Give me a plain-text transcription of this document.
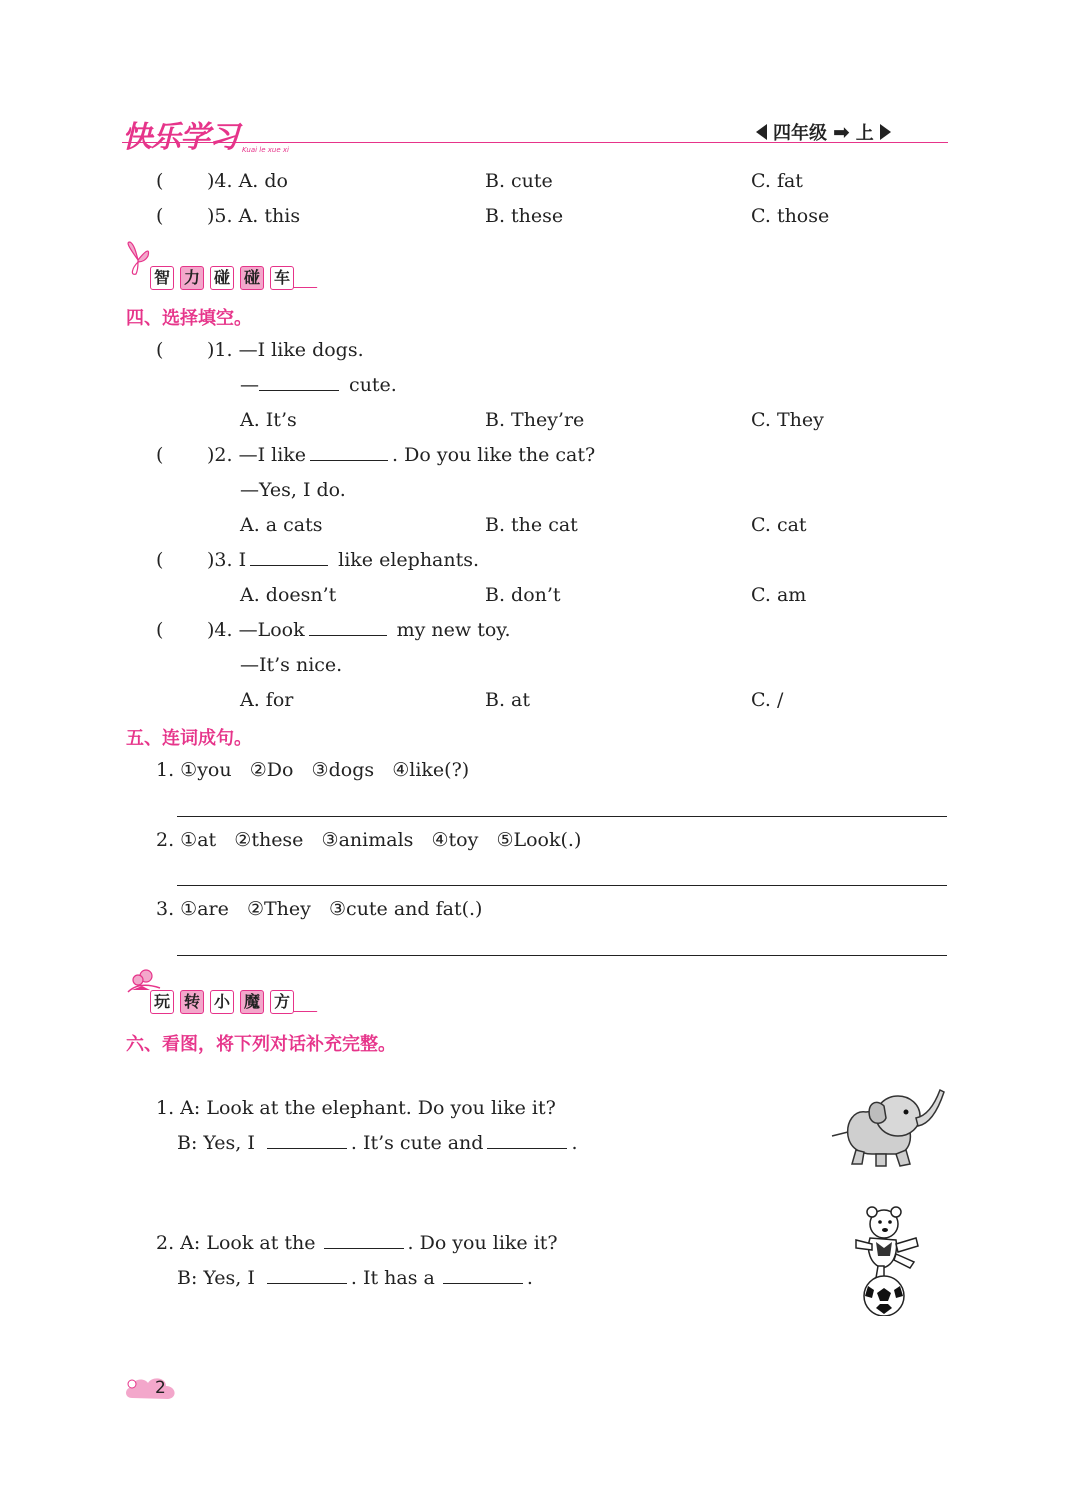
快乐学习 Kuai le xue xi
四年级 ➡ 上
( )4. A. do	B. cute	C. fat
( )5. A. this	B. these	C. those
智 力 碰 碰 车
四、选择填空。
( )1. —I like dogs.
—	cute.
A. It’s	B. They’re	C. They
( )2. —I like	. Do you like the cat?
—Yes, I do.
A. a cats	B. the cat	C. cat
( )3. I	like elephants.
A. doesn’t	B. don’t	C. am
( )4. —Look	my new toy.
—It’s nice.
A. for	B. at	C. /
五、连词成句。
1. ①you   ②Do   ③dogs   ④like(?)
2. ①at   ②these   ③animals   ④toy   ⑤Look(.)
3. ①are   ②They   ③cute and fat(.)
玩 转 小 魔 方
六、看图，将下列对话补充完整。
1. A: Look at the elephant. Do you like it?
B: Yes, I	. It’s cute and	.
2. A: Look at the	. Do you like it?
B: Yes, I	. It has a	.
2
